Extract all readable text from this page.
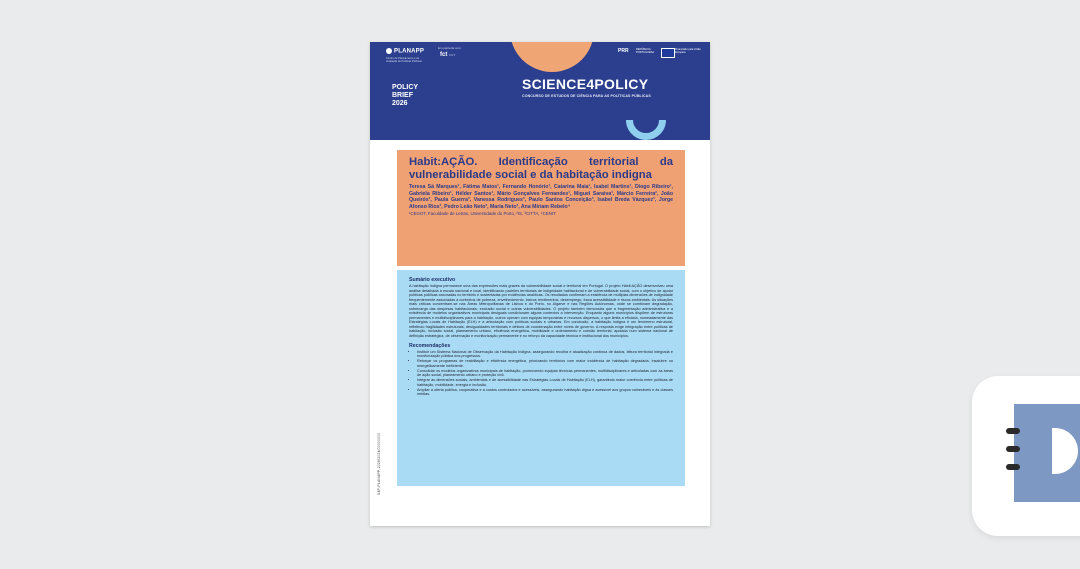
PLANAPP
Centro de Planeamento e de Avaliação de Políticas Públicas
Em parceria com
fct FCT
PRR	REPÚBLICA PORTUGUESA
Financiado pela União Europeia
POLICY
BRIEF
2026
SCIENCE4POLICY
CONCURSO DE ESTUDOS DE CIÊNCIA PARA AS POLÍTICAS PÚBLICAS
S4P-PLANAPP-2026/2024/00000000
Habit:AÇÃO. Identificação territorial da vulnerabilidade social e da habitação indigna

Teresa Sá Marques¹, Fátima Matos¹, Fernando Honório¹, Catarina Maia¹, Isabel Martins¹, Diogo Ribeiro¹, Gabriela Ribeiro¹, Hélder Santos¹, Mário Gonçalves Fernandes¹, Miguel Saraiva¹, Márcio Ferreira², João Queirós³, Paula Guerra³, Vanessa Rodrigues³, Paulo Santos Conceição³, Isabel Breda Vázquez³, Jorge Afonso Rios³, Pedro Leão Neto³, Maria Neto³, Ana Miriam Rebelo⁴

¹CEGOT, Faculdade de Letras, Universidade do Porto, ²IS, ³CITTA, ⁴CENIT

Sumário executivo

A habitação indigna permanece uma das expressões mais graves da vulnerabilidade social e territorial em Portugal. O projeto Habit:AÇÃO desenvolveu uma análise detalhada à escala nacional e local, identificando padrões territoriais de indignidade habitacional e de vulnerabilidade social, com o objetivo de apoiar políticas públicas ancoradas no território e sustentadas por evidências analíticas. Os resultados confirmam a existência de múltiplas dimensões de indignidade frequentemente associadas a contextos de pobreza, envelhecimento, baixos rendimentos, desemprego, fraca acessibilidade e riscos ambientais. As situações mais críticas concentram-se nas Áreas Metropolitanas de Lisboa e do Porto, no Algarve e nas Regiões Autónomas, onde se combinam degradação, sobrecarga das despesas habitacionais, exclusão social e outras vulnerabilidades. O projeto também demonstra que a fragmentação administrativa e a existência de modelos organizativos municipais desiguais condicionam alguns contextos a intervenção. Enquanto alguns municípios dispõem de estruturas permanentes e multidisciplinares para a habitação, outros operam com equipas temporárias e recursos dispersos, o que limita a eficácia, nomeadamente das Estratégias Locais de Habitação (ELH) e a articulação com políticas sociais e urbanas. Em conclusão, a habitação indigna é um fenómeno estrutural, refletindo fragilidades estruturais, desigualdades territoriais e défices de coordenação entre níveis de governo. A resposta exige integração entre políticas de habitação, inclusão social, planeamento urbano, eficiência energética, mobilidade e ordenamento e coesão territorial, apoiada num sistema nacional de definição estratégica, de observação e monitorização permanente e no reforço da capacidade técnica e institucional dos municípios.

Recomendações
• Instituir um Sistema Nacional de Observação da Habitação Indigna, assegurando recolha e atualização contínua de dados, leitura territorial integrada e monitorização pública dos progressos.
• Reforçar os programas de reabilitação e eficiência energética, priorizando territórios com maior incidência de habitação degradada, insalubre ou energeticamente ineficiente.
• Consolidar os modelos organizativos municipais de habitação, promovendo equipas técnicas permanentes, multidisciplinares e articuladas com as áreas de ação social, planeamento urbano e proteção civil.
• Integrar as dimensões sociais, ambientais e de acessibilidade nas Estratégias Locais de Habitação (ELH), garantindo maior coerência entre políticas de habitação, mobilidade, energia e inclusão.
• Ampliar a oferta pública, cooperativa e a custos controlados e acessíveis, assegurando habitação digna e acessível aos grupos vulneráveis e às classes médias.
